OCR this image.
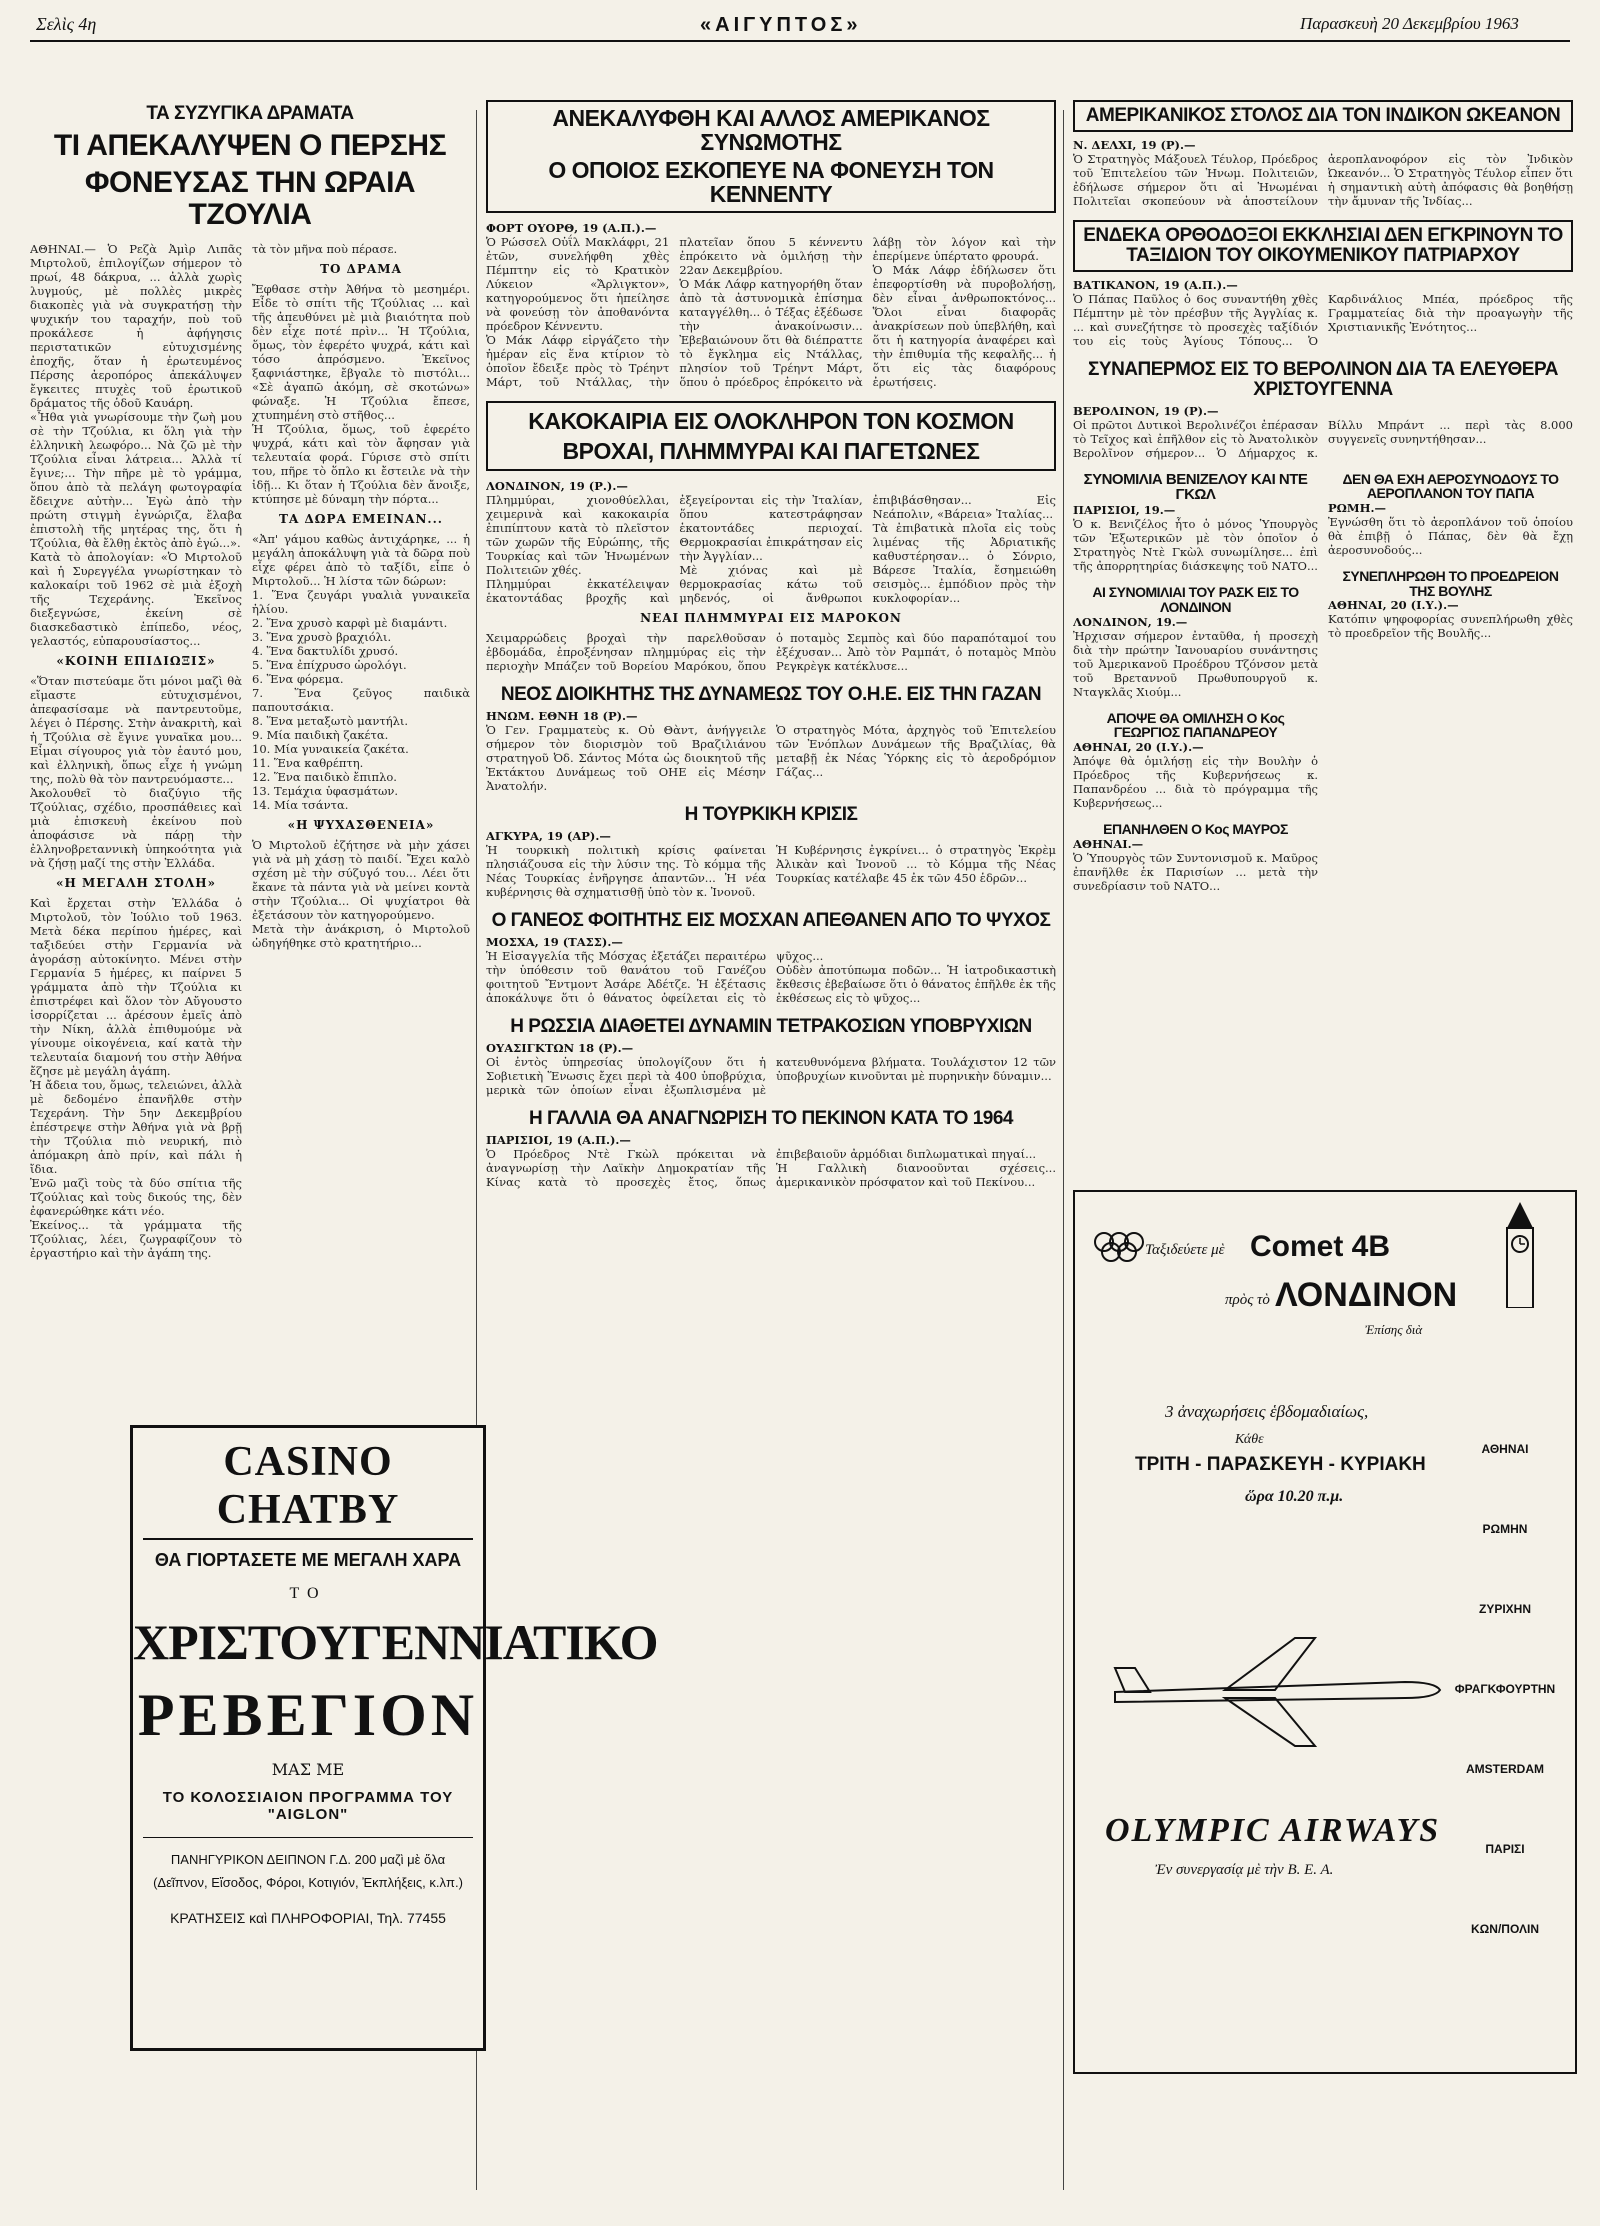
Σελὶς 4η	«ΑΙΓΥΠΤΟΣ»	Παρασκευὴ 20 Δεκεμβρίου 1963
ΤΑ ΣΥΖΥΓΙΚΑ ΔΡΑΜΑΤΑ
ΤΙ ΑΠΕΚΑΛΥΨΕΝ Ο ΠΕΡΣΗΣ
ΦΟΝΕΥΣΑΣ ΤΗΝ ΩΡΑΙΑ ΤΖΟΥΛΙΑ
ΑΘΗΝΑΙ.— Ὁ Ρεζὰ Ἀμὶρ Λιπᾶς Μιρτολοῦ, ἐπιλογίζων σήμερον τὸ πρωί, 48 δάκρυα, ... ἀλλὰ χωρὶς λυγμούς, μὲ πολλὲς μικρὲς διακοπὲς γιὰ νὰ συγκρατήσῃ τὴν ψυχικήν του ταραχήν, ποὺ τοῦ προκάλεσε ἡ ἀφήγησις περιστατικῶν εὐτυχισμένης ἐποχῆς, ὅταν ἡ ἐρωτευμένος Πέρσης ἀεροπόρος ἀπεκάλυψεν ἔγκειτες πτυχὲς τοῦ ἐρωτικοῦ δράματος τῆς ὁδοῦ Καυάρη.
«Ἦθα γιὰ γνωρίσουμε τὴν ζωὴ μου σὲ τὴν Τζούλια, κι ὅλη γιὰ τὴν ἑλληνικὴ λεωφόρο... Νὰ ζῶ μὲ τὴν Τζούλια εἶναι λάτρεια... Ἀλλὰ τί ἔγινε;... Τὴν πῆρε μὲ τὸ γράμμα, ὅπου ἀπὸ τὰ πελάγη φωτογραφία ἔδειχνε αὐτὴν... Ἐγὼ ἀπὸ τὴν πρώτη στιγμὴ ἐγνώριζα, ἔλαβα ἐπιστολὴ τῆς μητέρας της, ὅτι ἡ Τζούλια, θὰ ἔλθῃ ἐκτὸς ἀπὸ ἐγώ...».
Κατὰ τὸ ἀπολογίαν: «Ὁ Μιρτολοῦ καὶ ἡ Συρεγγέλα γνωρίστηκαν τὸ καλοκαίρι τοῦ 1962 σὲ μιὰ ἐξοχὴ τῆς Τεχεράνης. Ἐκεῖνος διεξεγνώσε, ἐκείνη σὲ διασκεδαστικὸ ἐπίπεδο, νέος, γελαστός, εὐπαρουσίαστος...
«ΚΟΙΝΗ ΕΠΙΔΙΩΞΙΣ»
«Ὅταν πιστεύαμε ὅτι μόνοι μαζὶ θὰ εἴμαστε εὐτυχισμένοι, ἀπεφασίσαμε νὰ παντρευτοῦμε, λέγει ὁ Πέρσης. Στὴν ἀνακριτὴ, καὶ ἡ Τζούλια σὲ ἔγινε γυναῖκα μου... Εἶμαι σίγουρος γιὰ τὸν ἑαυτό μου, καὶ ἐλληνικὴ, ὅπως εἶχε ἡ γνώμη της, πολὺ θὰ τὸν παντρευόμαστε...
Ἀκολουθεῖ τὸ διαζύγιο τῆς Τζούλιας, σχέδιο, προσπάθειες καὶ μιὰ ἐπισκευὴ ἐκείνου ποὺ ἀποφάσισε νὰ πάρῃ τὴν ἐλληνοβρεταννικὴ ὑπηκοότητα γιὰ νὰ ζήσῃ μαζί της στὴν Ἑλλάδα.
«Η ΜΕΓΑΛΗ ΣΤΟΛΗ»
Καὶ ἔρχεται στὴν Ἑλλάδα ὁ Μιρτολοῦ, τὸν Ἰούλιο τοῦ 1963. Μετὰ δέκα περίπου ἡμέρες, καὶ ταξιδεύει στὴν Γερμανία νὰ ἀγοράσῃ αὐτοκίνητο. Μένει στὴν Γερμανία 5 ἡμέρες, κι παίρνει 5 γράμματα ἀπὸ τὴν Τζούλια κι ἐπιστρέφει καὶ ὅλον τὸν Αὔγουστο ἰσορρίζεται ... ἀρέσουν ἐμεῖς ἀπὸ τὴν Νίκη, ἀλλὰ ἐπιθυμούμε νὰ γίνουμε οἰκογένεια, καί κατὰ τὴν τελευταία διαμονή του στὴν Ἀθήνα ἔζησε μὲ μεγάλη ἀγάπη.
Ἡ ἄδεια του, ὅμως, τελειώνει, ἀλλὰ μὲ δεδομένο ἐπανῆλθε στὴν Τεχεράνη. Τὴν 5ην Δεκεμβρίου ἐπέστρεψε στὴν Ἀθήνα γιὰ νὰ βρῇ τὴν Τζούλια πιὸ νευρική, πιὸ ἀπόμακρη ἀπὸ πρίν, καὶ πάλι ἡ ἴδια.
Ἐνῶ μαζὶ τοὺς τὰ δύο σπίτια τῆς Τζούλιας καὶ τοὺς δικούς της, δὲν ἐφανερώθηκε κάτι νέο.
Ἐκείνος... τὰ γράμματα τῆς Τζούλιας, λέει, ζωγραφίζουν τὸ ἐργαστήριο καὶ τὴν ἀγάπη της.
τὰ τὸν μῆνα ποὺ πέρασε.
ΤΟ ΔΡΑΜΑ
Ἔφθασε στὴν Ἀθήνα τὸ μεσημέρι. Εἶδε τὸ σπίτι τῆς Τζούλιας ... καὶ τῆς ἀπευθύνει μὲ μιὰ βιαιότητα ποὺ δὲν εἶχε ποτέ πρὶν... Ἡ Τζούλια, ὅμως, τὸν ἐφερέτο ψυχρά, κάτι καὶ τόσο ἀπρόσμενο. Ἐκεῖνος ξαφνιάστηκε, ἔβγαλε τὸ πιστόλι... «Σὲ ἀγαπῶ ἀκόμη, σὲ σκοτώνω» φώναξε. Ἡ Τζούλια ἔπεσε, χτυπημένη στὸ στῆθος...
Ἡ Τζούλια, ὅμως, τοῦ ἐφερέτο ψυχρά, κάτι καὶ τὸν ἄφησαν γιὰ τελευταία φορά. Γύρισε στὸ σπίτι του, πῆρε τὸ ὅπλο κι ἔστειλε νὰ τὴν ἰδῇ... Κι ὅταν ἡ Τζούλια δὲν ἄνοιξε, κτύπησε μὲ δύναμη τὴν πόρτα...
ΤΑ ΔΩΡΑ ΕΜΕΙΝΑΝ...
«Ἀπ' γάμου καθὼς ἀντιχάρηκε, ... ἡ μεγάλη ἀποκάλυψη γιὰ τὰ δῶρα ποὺ εἶχε φέρει ἀπὸ τὸ ταξίδι, εἶπε ὁ Μιρτολοῦ... Ἡ λίστα τῶν δώρων:
1. Ἕνα ζευγάρι γυαλιὰ γυναικεῖα ἡλίου.
2. Ἕνα χρυσὸ καρφὶ μὲ διαμάντι.
3. Ἕνα χρυσὸ βραχιόλι.
4. Ἕνα δακτυλίδι χρυσό.
5. Ἕνα ἐπίχρυσο ὡρολόγι.
6. Ἕνα φόρεμα.
7. Ἕνα ζεῦγος παιδικὰ παπουτσάκια.
8. Ἕνα μεταξωτὸ μαντήλι.
9. Μία παιδικὴ ζακέτα.
10. Μία γυναικεία ζακέτα.
11. Ἕνα καθρέπτη.
12. Ἕνα παιδικὸ ἔπιπλο.
13. Τεμάχια ὑφασμάτων.
14. Μία τσάντα.
«Η ΨΥΧΑΣΘΕΝΕΙΑ»
Ὁ Μιρτολοῦ ἐζήτησε νὰ μὴν χάσει γιὰ νὰ μὴ χάσῃ τὸ παιδί. Ἔχει καλὸ σχέση μὲ τὴν σύζυγό του... Λέει ὅτι ἔκανε τὰ πάντα γιὰ νὰ μείνει κοντὰ στὴν Τζούλια... Οἱ ψυχίατροι θὰ ἐξετάσουν τὸν κατηγορούμενο.
Μετὰ τὴν ἀνάκριση, ὁ Μιρτολοῦ ὡδηγήθηκε στὸ κρατητήριο...
CASINO CHATBY
ΘΑ ΓΙΟΡΤΑΣΕΤΕ ΜΕ ΜΕΓΑΛΗ ΧΑΡΑ
ΤΟ
ΧΡΙΣΤΟΥΓΕΝΝΙΑΤΙΚΟ
ΡΕΒΕΓΙΟΝ
ΜΑΣ ΜΕ
ΤΟ ΚΟΛΟΣΣΙΑΙΟΝ ΠΡΟΓΡΑΜΜΑ ΤΟΥ "AIGLON"
ΠΑΝΗΓΥΡΙΚΟΝ ΔΕΙΠΝΟΝ Γ.Δ. 200 μαζὶ μὲ ὅλα
(Δεῖπνον, Εἴσοδος, Φόροι, Κοτιγιόν, Ἐκπλήξεις, κ.λπ.)
ΚΡΑΤΗΣΕΙΣ καὶ ΠΛΗΡΟΦΟΡΙΑΙ, Τηλ. 77455
ΑΝΕΚΑΛΥΦΘΗ ΚΑΙ ΑΛΛΟΣ ΑΜΕΡΙΚΑΝΟΣ ΣΥΝΩΜΟΤΗΣ
Ο ΟΠΟΙΟΣ ΕΣΚΟΠΕΥΕ ΝΑ ΦΟΝΕΥΣΗ ΤΟΝ ΚΕΝΝΕΝΤΥ
ΦΟΡΤ ΟΥΟΡΘ, 19 (Α.Π.).—
Ὁ Ρώσσελ Οὐΐλ Μακλάφρι, 21 ἐτῶν, συνελήφθη χθὲς Πέμπτην εἰς τὸ Κρατικὸν Λύκειον «Ἄρλιγκτον», κατηγορούμενος ὅτι ἠπείλησε νὰ φονεύσῃ τὸν ἀποθανόντα πρόεδρον Κέννεντυ.
Ὁ Μάκ Λάφρ εἰργάζετο τὴν ἡμέραν εἰς ἕνα κτίριον τὸ ὁποῖον ἔδειξε πρὸς τὸ Τρέηντ Μάρτ, τοῦ Ντάλλας, τὴν πλατεῖαν ὅπου 5 κέννεντυ ἐπρόκειτο νὰ ὁμιλήσῃ τὴν 22αν Δεκεμβρίου.
Ὁ Μάκ Λάφρ κατηγορήθη ὅταν ἀπὸ τὰ ἀστυνομικὰ ἐπίσημα καταγγέλθη... ὁ Τέξας ἐξέδωσε τὴν ἀνακοίνωσιν... Ἐβεβαιώνουν ὅτι θὰ διέπραττε τὸ ἔγκλημα εἰς Ντάλλας, πλησίον τοῦ Τρέηντ Μάρτ, ὅπου ὁ πρόεδρος ἐπρόκειτο νὰ λάβῃ τὸν λόγον καὶ τὴν ἐπερίμενε ὑπέρτατο φρουρά.
Ὁ Μάκ Λάφρ ἐδήλωσεν ὅτι ἐπεφορτίσθη νὰ πυροβολήσῃ, δὲν εἶναι ἀνθρωποκτόνος... Ὅλοι εἶναι διαφορᾶς ἀνακρίσεων ποὺ ὑπεβλήθη, καὶ ὅτι ἡ κατηγορία ἀναφέρει καὶ τὴν ἐπιθυμία τῆς κεφαλῆς... ἡ ὅτι εἰς τὰς διαφόρους ἐρωτήσεις.
ΚΑΚΟΚΑΙΡΙΑ ΕΙΣ ΟΛΟΚΛΗΡΟΝ ΤΟΝ ΚΟΣΜΟΝ
ΒΡΟΧΑΙ, ΠΛΗΜΜΥΡΑΙ ΚΑΙ ΠΑΓΕΤΩΝΕΣ
ΛΟΝΔΙΝΟΝ, 19 (Ρ.).—
Πλημμύραι, χιονοθύελλαι, χειμερινὰ καὶ κακοκαιρία ἐπιπίπτουν κατὰ τὸ πλεῖστον τῶν χωρῶν τῆς Εὐρώπης, τῆς Τουρκίας καὶ τῶν Ἡνωμένων Πολιτειῶν χθές.
Πλημμύραι ἐκκατέλειψαν ἑκατοντάδας βροχῆς καὶ ἐξεγείρονται εἰς τὴν Ἰταλίαν, ὅπου κατεστράφησαν ἑκατοντάδες περιοχαί. Θερμοκρασίαι ἐπικράτησαν εἰς τὴν Ἀγγλίαν...
Μὲ χιόνας καὶ μὲ θερμοκρασίας κάτω τοῦ μηδενός, οἱ ἄνθρωποι ἐπιβιβάσθησαν... Εἰς Νεάπολιν, «Βάρεια» Ἰταλίας...
Τὰ ἐπιβατικὰ πλοῖα εἰς τοὺς λιμένας τῆς Ἀδριατικῆς καθυστέρησαν... ὁ Σόνριο, Βάρεσε Ἰταλία, ἔσημειώθη σεισμὸς... ἐμπόδιον πρὸς τὴν κυκλοφορίαν...
ΝΕΑΙ ΠΛΗΜΜΥΡΑΙ ΕΙΣ ΜΑΡΟΚΟΝ
Χειμαρρώδεις βροχαὶ τὴν παρελθοῦσαν ἑβδομάδα, ἐπροξένησαν πλημμύρας εἰς τὴν περιοχὴν Μπάζεν τοῦ Βορείου Μαρόκου, ὅπου ὁ ποταμὸς Σεμπὸς καὶ δύο παραπόταμοί του ἐξέχυσαν... Ἀπὸ τὸν Ραμπάτ, ὁ ποταμὸς Μπὸυ Ρεγκρὲγκ κατέκλυσε...
ΝΕΟΣ ΔΙΟΙΚΗΤΗΣ ΤΗΣ ΔΥΝΑΜΕΩΣ ΤΟΥ Ο.Η.Ε. ΕΙΣ ΤΗΝ ΓΑΖΑΝ
ΗΝΩΜ. ΕΘΝΗ 18 (Ρ).—
Ὁ Γεν. Γραμματεὺς κ. Οὐ Θὰντ, ἀνήγγειλε σήμερον τὸν διορισμὸν τοῦ Βραζιλιάνου στρατηγοῦ Ὀδ. Σάντος Μότα ὡς διοικητοῦ τῆς Ἐκτάκτου Δυνάμεως τοῦ ΟΗΕ εἰς Μέσην Ἀνατολήν.
Ὁ στρατηγὸς Μότα, ἀρχηγὸς τοῦ Ἐπιτελείου τῶν Ἐνόπλων Δυνάμεων τῆς Βραζιλίας, θὰ μεταβῇ ἐκ Νέας Ὑόρκης εἰς τὸ ἀεροδρόμιον Γάζας...
Η ΤΟΥΡΚΙΚΗ ΚΡΙΣΙΣ
ΑΓΚΥΡΑ, 19 (ΑΡ).—
Ἡ τουρκικὴ πολιτικὴ κρίσις φαίνεται πλησιάζουσα εἰς τὴν λύσιν της. Τὸ κόμμα τῆς Νέας Τουρκίας ἐνῆργησε ἀπαντῶν... Ἡ νέα κυβέρνησις θὰ σχηματισθῇ ὑπὸ τὸν κ. Ἰνονοῦ.
Ἡ Κυβέρνησις ἐγκρίνει... ὁ στρατηγὸς Ἐκρὲμ Ἀλικὰν καὶ Ἰνονοῦ ... τὸ Κόμμα τῆς Νέας Τουρκίας κατέλαβε 45 ἐκ τῶν 450 ἑδρῶν...
Ο ΓΑΝΕΟΣ ΦΟΙΤΗΤΗΣ ΕΙΣ ΜΟΣΧΑΝ ΑΠΕΘΑΝΕΝ ΑΠΟ ΤΟ ΨΥΧΟΣ
ΜΟΣΧΑ, 19 (ΤΑΣΣ).—
Ἡ Εἰσαγγελία τῆς Μόσχας ἐξετάζει περαιτέρω τὴν ὑπόθεσιν τοῦ θανάτου τοῦ Γανέζου φοιτητοῦ Ἔντμοντ Ἀσάρε Ἀδέτζε. Ἡ ἐξέτασις ἀποκάλυψε ὅτι ὁ θάνατος ὀφείλεται εἰς τὸ ψῦχος...
Οὐδὲν ἀποτύπωμα ποδῶν... Ἡ ἱατροδικαστικὴ ἔκθεσις ἐβεβαίωσε ὅτι ὁ θάνατος ἐπῆλθε ἐκ τῆς ἐκθέσεως εἰς τὸ ψῦχος...
Η ΡΩΣΣΙΑ ΔΙΑΘΕΤΕΙ ΔΥΝΑΜΙΝ ΤΕΤΡΑΚΟΣΙΩΝ ΥΠΟΒΡΥΧΙΩΝ
ΟΥΑΣΙΓΚΤΩΝ 18 (Ρ).—
Οἱ ἐντὸς ὑπηρεσίας ὑπολογίζουν ὅτι ἡ Σοβιετικὴ Ἕνωσις ἔχει περὶ τὰ 400 ὑποβρύχια, μερικὰ τῶν ὁποίων εἶναι ἐξωπλισμένα μὲ κατευθυνόμενα βλήματα. Τουλάχιστον 12 τῶν ὑποβρυχίων κινοῦνται μὲ πυρηνικὴν δύναμιν...
Η ΓΑΛΛΙΑ ΘΑ ΑΝΑΓΝΩΡΙΣΗ ΤΟ ΠΕΚΙΝΟΝ ΚΑΤΑ ΤΟ 1964
ΠΑΡΙΣΙΟΙ, 19 (Α.Π.).—
Ὁ Πρόεδρος Ντὲ Γκὼλ πρόκειται νὰ ἀναγνωρίσῃ τὴν Λαϊκὴν Δημοκρατίαν τῆς Κίνας κατὰ τὸ προσεχὲς ἔτος, ὅπως ἐπιβεβαιοῦν ἀρμόδιαι διπλωματικαὶ πηγαί...
Ἡ Γαλλικὴ διανοοῦνται σχέσεις... ἀμερικανικὸν πρόσφατον καὶ τοῦ Πεκίνου...
ΑΜΕΡΙΚΑΝΙΚΟΣ ΣΤΟΛΟΣ ΔΙΑ ΤΟΝ ΙΝΔΙΚΟΝ ΩΚΕΑΝΟΝ
Ν. ΔΕΛΧΙ, 19 (Ρ).—
Ὁ Στρατηγὸς Μάξουελ Τέυλορ, Πρόεδρος τοῦ Ἐπιτελείου τῶν Ἡνωμ. Πολιτειῶν, ἐδήλωσε σήμερον ὅτι αἱ Ἡνωμέναι Πολιτεῖαι σκοπεύουν νὰ ἀποστείλουν ἀεροπλανοφόρον εἰς τὸν Ἰνδικὸν Ὠκεανόν... Ὁ Στρατηγὸς Τέυλορ εἶπεν ὅτι ἡ σημαντικὴ αὐτὴ ἀπόφασις θὰ βοηθήσῃ τὴν ἄμυναν τῆς Ἰνδίας...
ΕΝΔΕΚΑ ΟΡΘΟΔΟΞΟΙ ΕΚΚΛΗΣΙΑΙ ΔΕΝ ΕΓΚΡΙΝΟΥΝ ΤΟ ΤΑΞΙΔΙΟΝ ΤΟΥ ΟΙΚΟΥΜΕΝΙΚΟΥ ΠΑΤΡΙΑΡΧΟΥ
ΒΑΤΙΚΑΝΟΝ, 19 (Α.Π.).—
Ὁ Πάπας Παῦλος ὁ 6ος συναντήθη χθὲς Πέμπτην μὲ τὸν πρέσβυν τῆς Ἀγγλίας κ. ... καὶ συνεζήτησε τὸ προσεχὲς ταξίδιόν του εἰς τοὺς Ἁγίους Τόπους... Ὁ Καρδινάλιος Μπέα, πρόεδρος τῆς Γραμματείας διὰ τὴν προαγωγὴν τῆς Χριστιανικῆς Ἑνότητος...
ΣΥΝΑΠΕΡΜΟΣ ΕΙΣ ΤΟ ΒΕΡΟΛΙΝΟΝ ΔΙΑ ΤΑ ΕΛΕΥΘΕΡΑ ΧΡΙΣΤΟΥΓΕΝΝΑ
ΒΕΡΟΛΙΝΟΝ, 19 (Ρ).—
Οἱ πρῶτοι Δυτικοὶ Βερολινέζοι ἐπέρασαν τὸ Τεῖχος καὶ ἐπῆλθον εἰς τὸ Ἀνατολικὸν Βερολῖνον σήμερον... Ὁ Δήμαρχος κ. Βίλλυ Μπράντ ... περὶ τὰς 8.000 συγγενεῖς συνηντήθησαν...
ΣΥΝΟΜΙΛΙΑ ΒΕΝΙΖΕΛΟΥ ΚΑΙ ΝΤΕ ΓΚΩΛ
ΠΑΡΙΣΙΟΙ, 19.—
Ὁ κ. Βενιζέλος ἦτο ὁ μόνος Ὑπουργὸς τῶν Ἐξωτερικῶν μὲ τὸν ὁποῖον ὁ Στρατηγὸς Ντὲ Γκὼλ συνωμίλησε... ἐπὶ τῆς ἀπορρητηρίας διάσκεψης τοῦ ΝΑΤΟ...
ΑΙ ΣΥΝΟΜΙΛΙΑΙ ΤΟΥ ΡΑΣΚ ΕΙΣ ΤΟ ΛΟΝΔΙΝΟΝ
ΛΟΝΔΙΝΟΝ, 19.—
Ἠρχισαν σήμερον ἐνταῦθα, ἡ προσεχὴ διὰ τὴν πρώτην Ἰανουαρίου συνάντησις τοῦ Ἀμερικανοῦ Προέδρου Τζόνσον μετὰ τοῦ Βρεταννοῦ Πρωθυπουργοῦ κ. Νταγκλᾶς Χιούμ...
ΑΠΟΨΕ ΘΑ ΟΜΙΛΗΣΗ Ο Κος ΓΕΩΡΓΙΟΣ ΠΑΠΑΝΔΡΕΟΥ
ΑΘΗΝΑΙ, 20 (Ι.Υ.).—
Ἀπόψε θὰ ὁμιλήσῃ εἰς τὴν Βουλὴν ὁ Πρόεδρος τῆς Κυβερνήσεως κ. Παπανδρέου ... διὰ τὸ πρόγραμμα τῆς Κυβερνήσεως...
ΕΠΑΝΗΛΘΕΝ Ο Κος ΜΑΥΡΟΣ
ΑΘΗΝΑΙ.—
Ὁ Ὑπουργὸς τῶν Συντονισμοῦ κ. Μαῦρος ἐπανῆλθε ἐκ Παρισίων ... μετὰ τὴν συνεδρίασιν τοῦ ΝΑΤΟ...
ΔΕΝ ΘΑ ΕΧΗ ΑΕΡΟΣΥΝΟΔΟΥΣ ΤΟ ΑΕΡΟΠΛΑΝΟΝ ΤΟΥ ΠΑΠΑ
ΡΩΜΗ.—
Ἐγνώσθη ὅτι τὸ ἀεροπλάνον τοῦ ὁποίου θὰ ἐπιβῇ ὁ Πάπας, δὲν θὰ ἔχῃ ἀεροσυνοδούς...
ΣΥΝΕΠΛΗΡΩΘΗ ΤΟ ΠΡΟΕΔΡΕΙΟΝ ΤΗΣ ΒΟΥΛΗΣ
ΑΘΗΝΑΙ, 20 (Ι.Υ.).—
Κατόπιν ψηφοφορίας συνεπλήρωθη χθὲς τὸ προεδρεῖον τῆς Βουλῆς...
Ταξιδεύετε μὲ Comet 4B
πρὸς τὸ ΛΟΝΔΙΝΟΝ
Ἐπίσης διὰ
3 ἀναχωρήσεις ἑβδομαδιαίως,
Κάθε
ΤΡΙΤΗ - ΠΑΡΑΣΚΕΥΗ - ΚΥΡΙΑΚΗ
ὥρα 10.20 π.μ.
OLYMPIC AIRWAYS
Ἐν συνεργασίᾳ μὲ τὴν Β. Ε. Α.
ΑΘΗΝΑΙ
ΡΩΜΗΝ
ΖΥΡΙΧΗΝ
ΦΡΑΓΚΦΟΥΡΤΗΝ
AMSTERDAM
ΠΑΡΙΣΙ
ΚΩΝ/ΠΟΛΙΝ
